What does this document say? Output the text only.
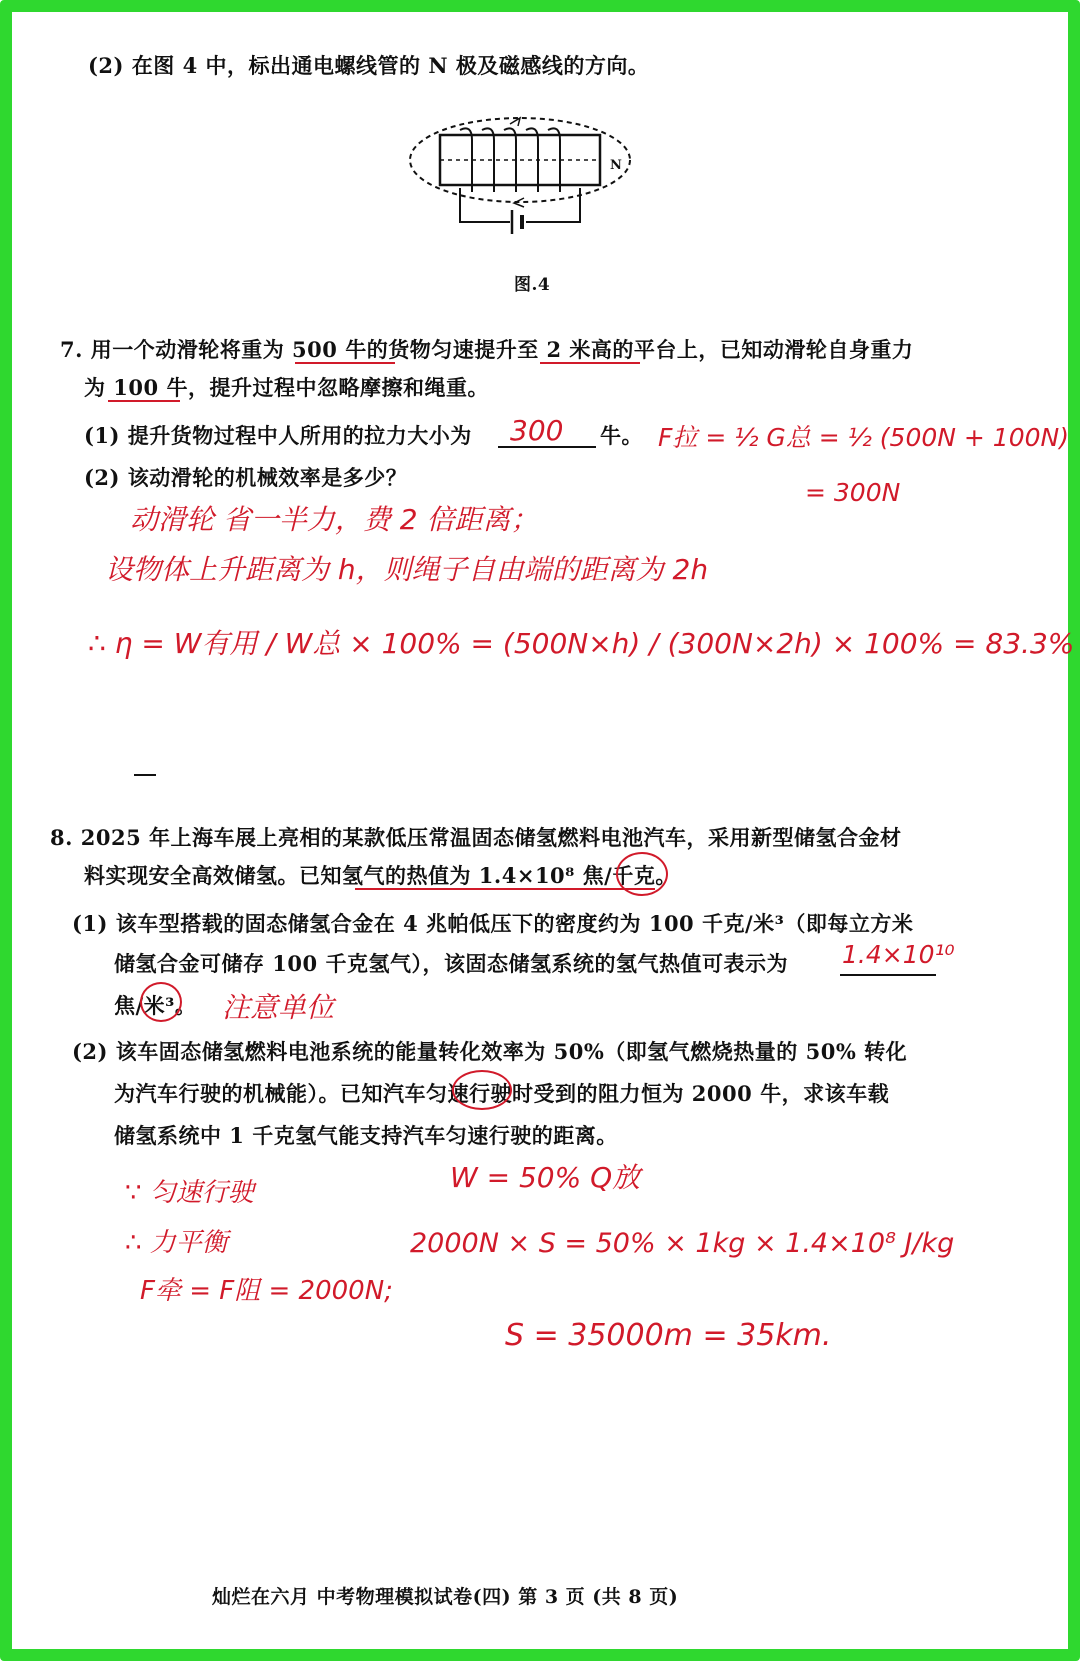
(2) 在图 4 中，标出通电螺线管的 N 极及磁感线的方向。
N
图.4
7. 用一个动滑轮将重为 500 牛的货物匀速提升至 2 米高的平台上，已知动滑轮自身重力
为 100 牛，提升过程中忽略摩擦和绳重。
(1) 提升货物过程中人所用的拉力大小为 300 牛。 F拉 = ½ G总 = ½ (500N + 100N)
= 300N
(2) 该动滑轮的机械效率是多少？
动滑轮 省一半力，费 2 倍距离；
设物体上升距离为 h，则绳子自由端的距离为 2h
∴ η = W有用 / W总 × 100% = (500N×h) / (300N×2h) × 100% = 83.3%
8. 2025 年上海车展上亮相的某款低压常温固态储氢燃料电池汽车，采用新型储氢合金材
料实现安全高效储氢。已知氢气的热值为 1.4×10⁸ 焦/千克。
(1) 该车型搭载的固态储氢合金在 4 兆帕低压下的密度约为 100 千克/米³（即每立方米
储氢合金可储存 100 千克氢气），该固态储氢系统的氢气热值可表示为 1.4×10¹⁰
焦/米³。 注意单位
(2) 该车固态储氢燃料电池系统的能量转化效率为 50%（即氢气燃烧热量的 50% 转化
为汽车行驶的机械能）。已知汽车匀速行驶时受到的阻力恒为 2000 牛，求该车载
储氢系统中 1 千克氢气能支持汽车匀速行驶的距离。
∵ 匀速行驶
∴ 力平衡
F牵 = F阻 = 2000N;
W = 50% Q放
2000N × S = 50% × 1kg × 1.4×10⁸ J/kg
S = 35000m = 35km.
灿烂在六月 中考物理模拟试卷(四) 第 3 页 (共 8 页)
